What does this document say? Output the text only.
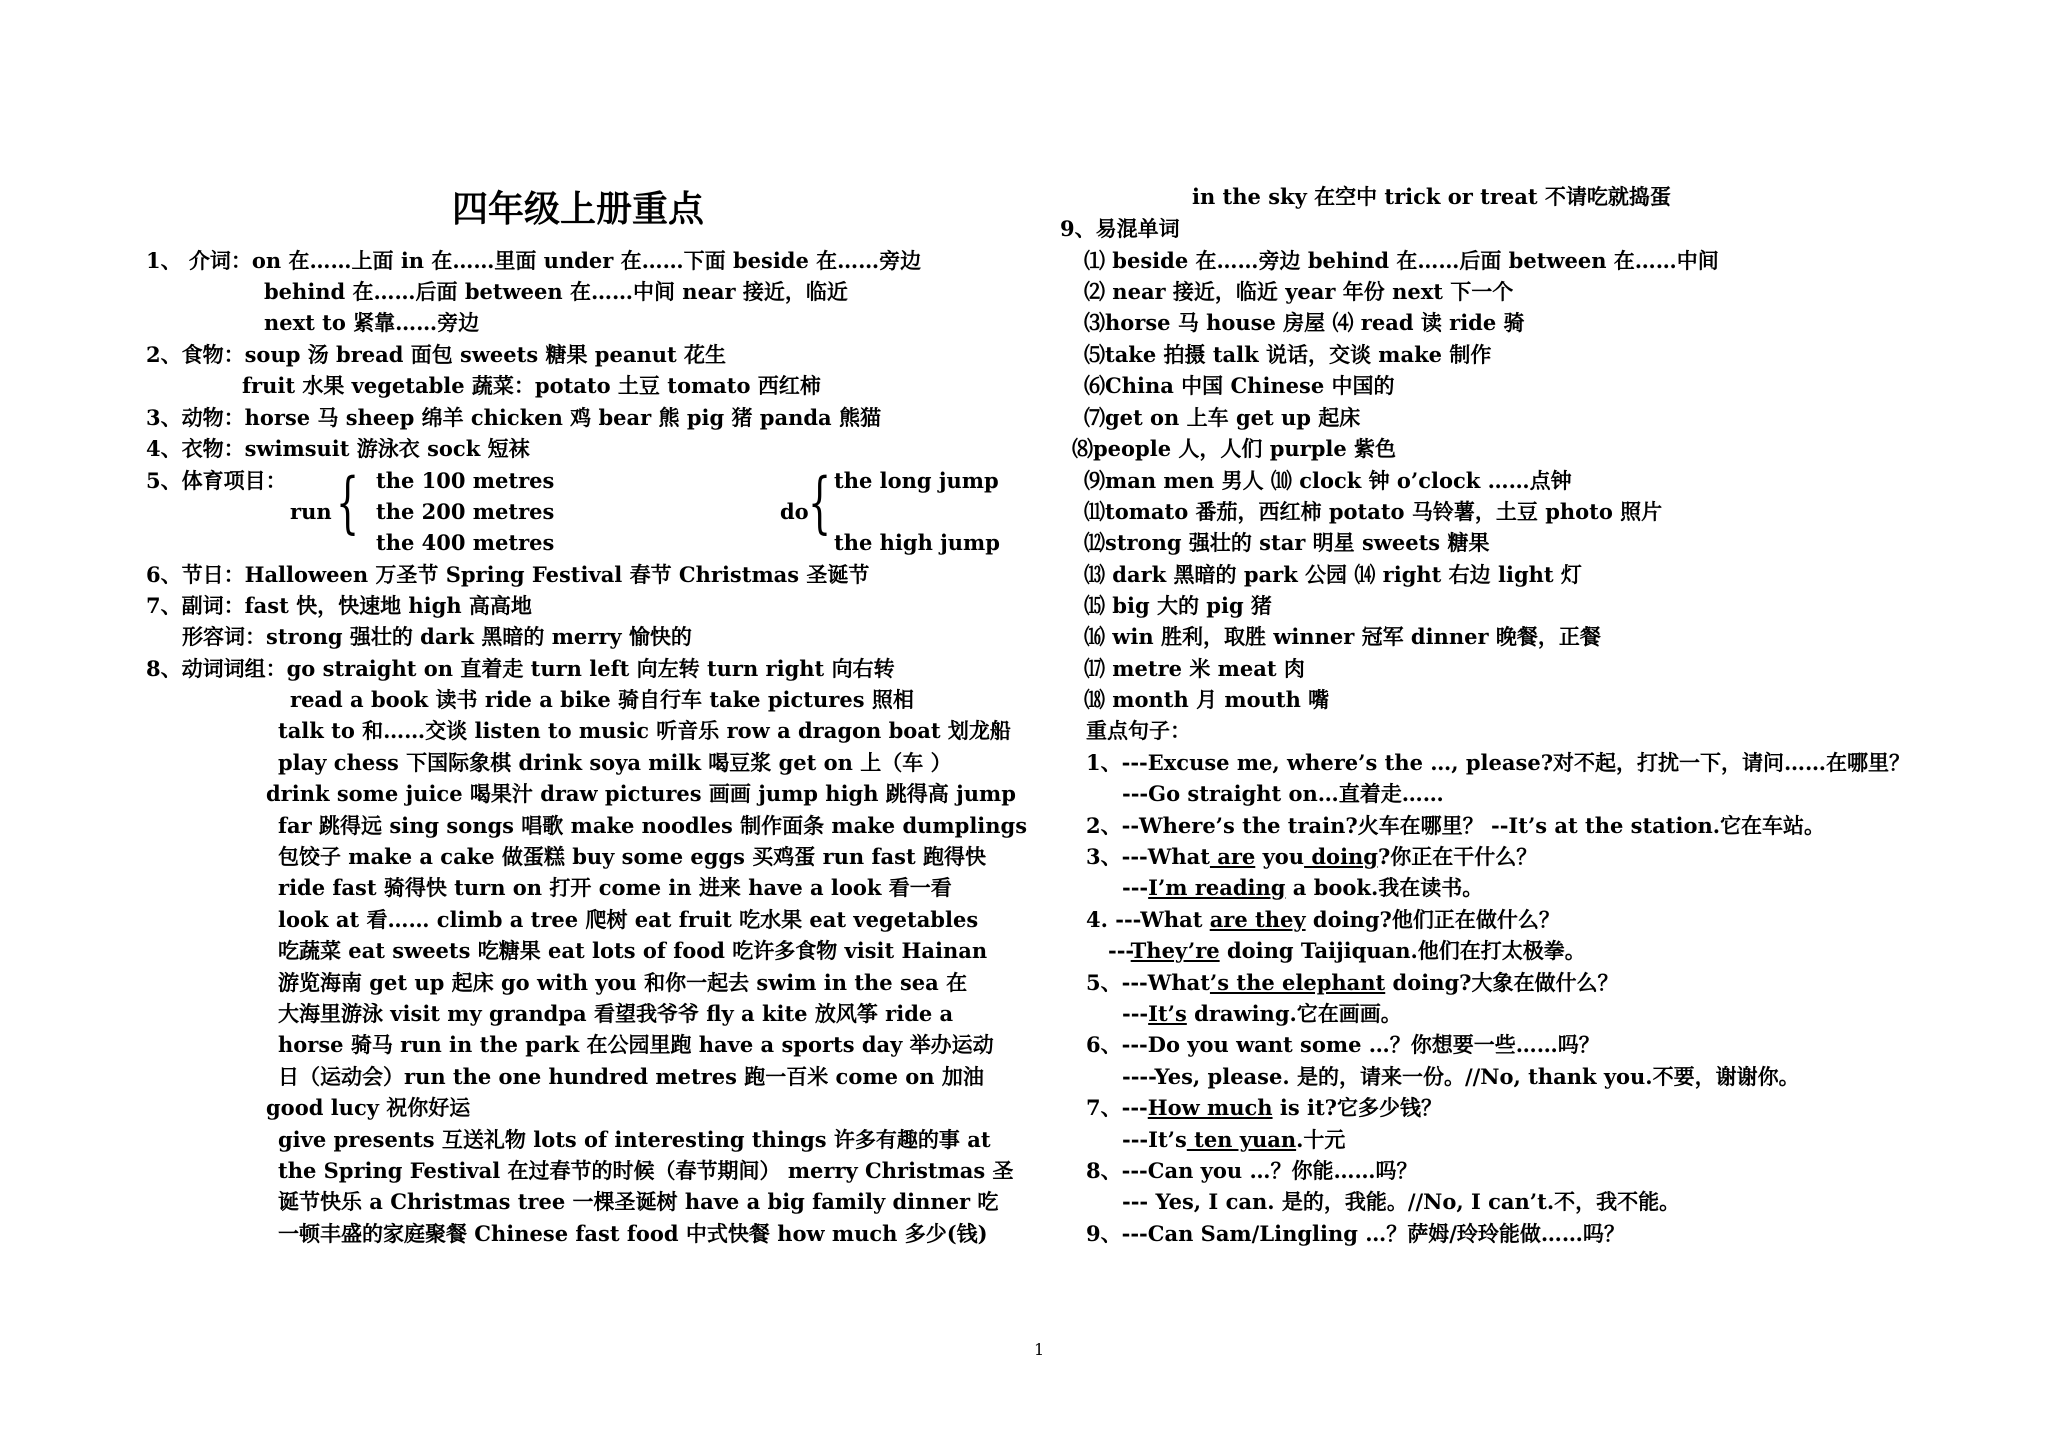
四年级上册重点
1、 介词：on 在……上面 in 在……里面 under 在……下面 beside 在……旁边
behind 在……后面 between 在……中间 near 接近，临近
next to 紧靠……旁边
2、食物：soup 汤 bread 面包 sweets 糖果 peanut 花生
fruit 水果 vegetable 蔬菜：potato 土豆 tomato 西红柿
3、动物：horse 马 sheep 绵羊 chicken 鸡 bear 熊 pig 猪 panda 熊猫
4、衣物：swimsuit 游泳衣 sock 短袜
5、体育项目：
run { the 100 metres
the 200 metres
the 400 metres
do { the long jump
the high jump
6、节日：Halloween 万圣节 Spring Festival 春节 Christmas 圣诞节
7、副词：fast 快，快速地 high 高高地
形容词：strong 强壮的 dark 黑暗的 merry 愉快的
8、动词词组：go straight on 直着走 turn left 向左转 turn right 向右转
read a book 读书 ride a bike 骑自行车 take pictures 照相
talk to 和……交谈 listen to music 听音乐 row a dragon boat 划龙船
play chess 下国际象棋 drink soya milk 喝豆浆 get on 上（车 ）
drink some juice 喝果汁 draw pictures 画画 jump high 跳得高 jump
far 跳得远 sing songs 唱歌 make noodles 制作面条 make dumplings
包饺子 make a cake 做蛋糕 buy some eggs 买鸡蛋 run fast 跑得快
ride fast 骑得快 turn on 打开 come in 进来 have a look 看一看
look at 看…… climb a tree 爬树 eat fruit 吃水果 eat vegetables
吃蔬菜 eat sweets 吃糖果 eat lots of food 吃许多食物 visit Hainan
游览海南 get up 起床 go with you 和你一起去 swim in the sea 在
大海里游泳 visit my grandpa 看望我爷爷 fly a kite 放风筝 ride a
horse 骑马 run in the park 在公园里跑 have a sports day 举办运动
日（运动会）run the one hundred metres 跑一百米 come on 加油
good lucy 祝你好运
give presents 互送礼物 lots of interesting things 许多有趣的事 at
the Spring Festival 在过春节的时候（春节期间） merry Christmas 圣
诞节快乐 a Christmas tree 一棵圣诞树 have a big family dinner 吃
一顿丰盛的家庭聚餐 Chinese fast food 中式快餐 how much 多少(钱)
in the sky 在空中 trick or treat 不请吃就捣蛋
9、易混单词
⑴ beside 在……旁边 behind 在……后面 between 在……中间
⑵ near 接近，临近 year 年份 next 下一个
⑶horse 马 house 房屋 ⑷ read 读 ride 骑
⑸take 拍摄 talk 说话，交谈 make 制作
⑹China 中国 Chinese 中国的
⑺get on 上车 get up 起床
⑻people 人，人们 purple 紫色
⑼man men 男人 ⑽ clock 钟 o’clock ……点钟
⑾tomato 番茄，西红柿 potato 马铃薯，土豆 photo 照片
⑿strong 强壮的 star 明星 sweets 糖果
⒀ dark 黑暗的 park 公园 ⒁ right 右边 light 灯
⒂ big 大的 pig 猪
⒃ win 胜利，取胜 winner 冠军 dinner 晚餐，正餐
⒄ metre 米 meat 肉
⒅ month 月 mouth 嘴
重点句子：
1、---Excuse me, where’s the …, please?对不起，打扰一下，请问……在哪里？
---Go straight on…直着走……
2、--Where’s the train?火车在哪里？ --It’s at the station.它在车站。
3、---What are you doing?你正在干什么？
---I’m reading a book.我在读书。
4. ---What are they doing?他们正在做什么？
---They’re doing Taijiquan.他们在打太极拳。
5、---What’s the elephant doing?大象在做什么？
---It’s drawing.它在画画。
6、---Do you want some …？你想要一些……吗？
----Yes, please. 是的，请来一份。//No, thank you.不要，谢谢你。
7、---How much is it?它多少钱？
---It’s ten yuan.十元
8、---Can you …？你能……吗？
--- Yes, I can. 是的，我能。//No, I can’t.不，我不能。
9、---Can Sam/Lingling …？萨姆/玲玲能做……吗？
1
